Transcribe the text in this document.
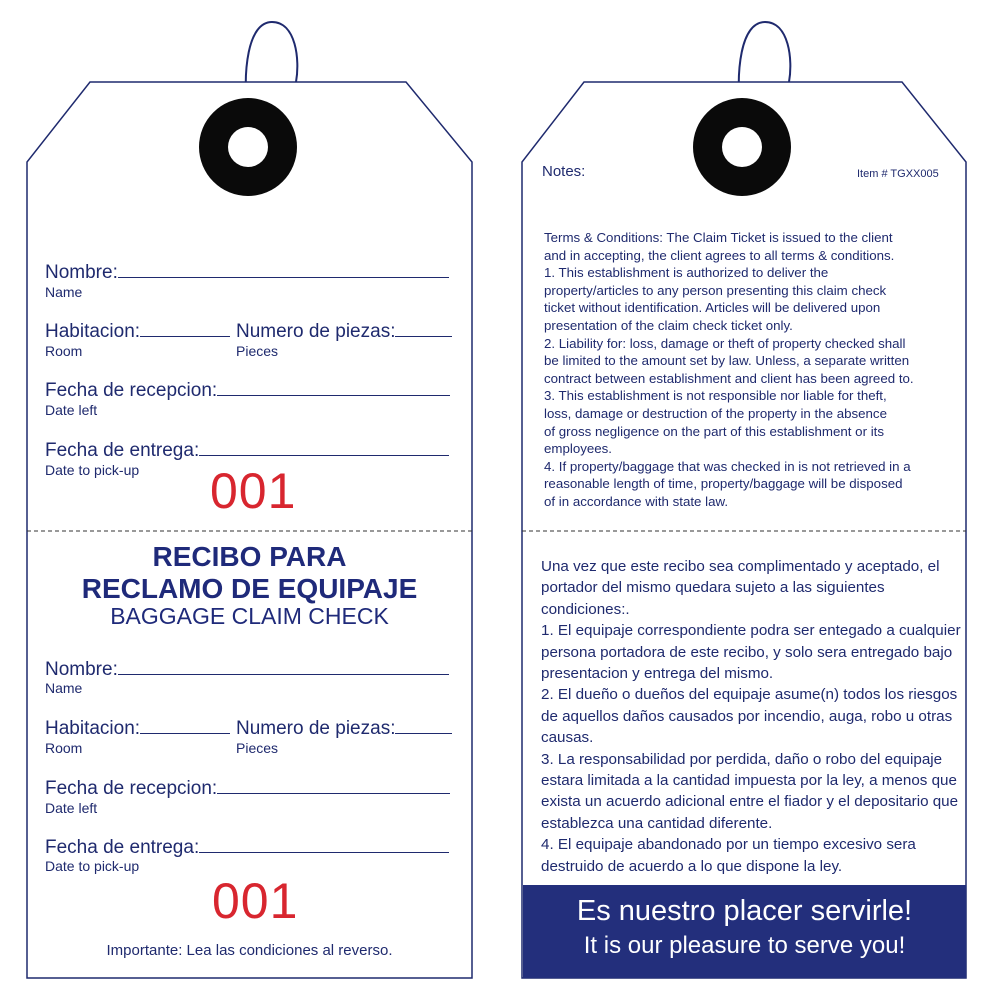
Nombre:
Name
Habitacion:
Room
Numero de piezas:
Pieces
Fecha de recepcion:
Date left
Fecha de entrega:
Date to pick-up 001
RECIBO PARA
RECLAMO DE EQUIPAJE
BAGGAGE CLAIM CHECK
Nombre:
Name
Habitacion:
Room
Numero de piezas:
Pieces
Fecha de recepcion:
Date left
Fecha de entrega:
Date to pick-up
001
Importante: Lea las condiciones al reverso.
Notes:	Item # TGXX005

Terms & Conditions: The Claim Ticket is issued to the client

and in accepting, the client agrees to all terms & conditions.

1. This establishment is authorized to deliver the

property/articles to any person presenting this claim check

ticket without identification. Articles will be delivered upon

presentation of the claim check ticket only.

2. Liability for: loss, damage or theft of property checked shall

be limited to the amount set by law. Unless, a separate written

contract between establishment and client has been agreed to.

3. This establishment is not responsible nor liable for theft,

loss, damage or destruction of the property in the absence

of gross negligence on the part of this establishment or its

employees.

4. If property/baggage that was checked in is not retrieved in a

reasonable length of time, property/baggage will be disposed

of in accordance with state law.

Una vez que este recibo sea complimentado y aceptado, el

portador del mismo quedara sujeto a las siguientes

condiciones:.

1. El equipaje correspondiente podra ser entegado a cualquier

persona portadora de este recibo, y solo sera entregado bajo

presentacion y entrega del mismo.

2. El dueño o dueños del equipaje asume(n) todos los riesgos

de aquellos daños causados por incendio, auga, robo u otras

causas.

3. La responsabilidad por perdida, daño o robo del equipaje

estara limitada a la cantidad impuesta por la ley, a menos que

exista un acuerdo adicional entre el fiador y el depositario que

establezca una cantidad diferente.

4. El equipaje abandonado por un tiempo excesivo sera

destruido de acuerdo a lo que dispone la ley.

Es nuestro placer servirle!
It is our pleasure to serve you!
